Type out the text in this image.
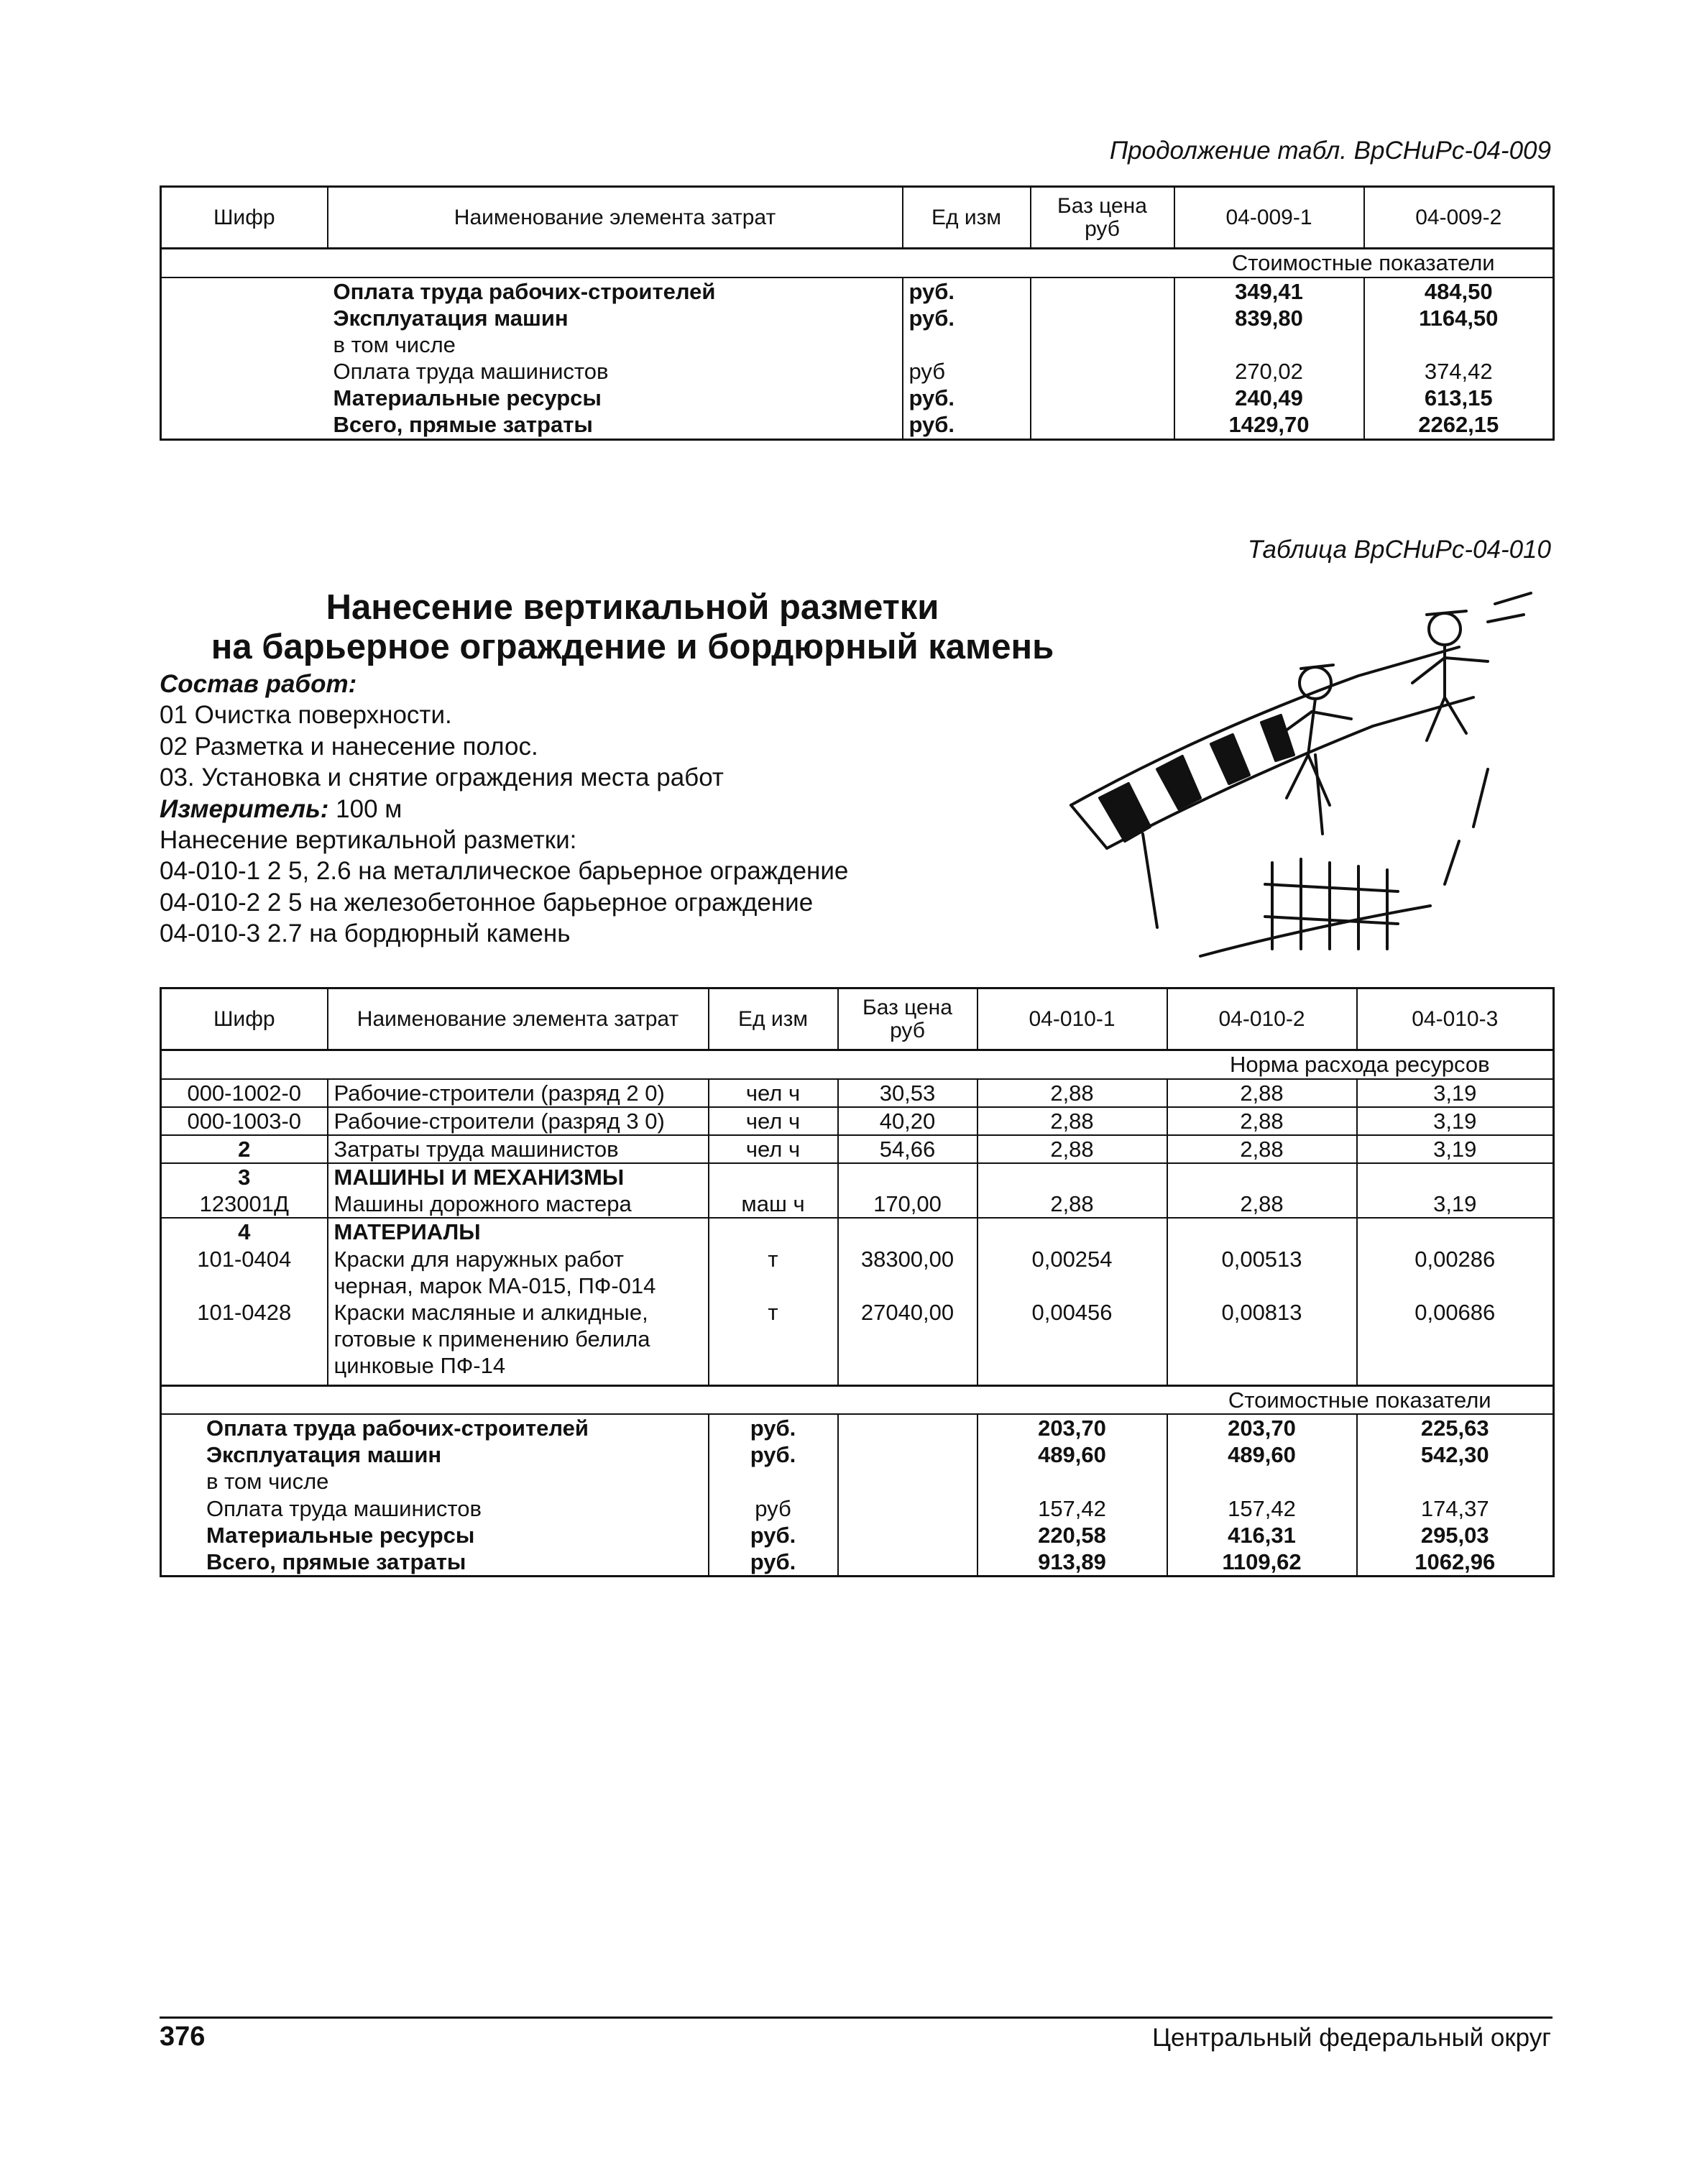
Продолжение табл. ВрСНиРс-04-009
Шифр	Наименование элемента затрат	Ед изм	Баз цена руб	04-009-1	04-009-2
				Стоимостные показатели	
	Оплата труда рабочих-строителей	руб.		349,41	484,50
	Эксплуатация машин	руб.		839,80	1164,50
	в том числе				
	Оплата труда машинистов	руб		270,02	374,42
	Материальные ресурсы	руб.		240,49	613,15
	Всего, прямые затраты	руб.		1429,70	2262,15
Таблица ВрСНиРс-04-010
Нанесение вертикальной разметки
на барьерное ограждение и бордюрный камень
Состав работ:
01 Очистка поверхности.
02 Разметка и нанесение полос.
03. Установка и снятие ограждения места работ
Измеритель: 100 м
Нанесение вертикальной разметки:
04-010-1 2 5, 2.6 на металлическое барьерное ограждение
04-010-2 2 5 на железобетонное барьерное ограждение
04-010-3 2.7 на бордюрный камень
Шифр	Наименование элемента затрат	Ед изм	Баз цена руб	04-010-1	04-010-2	04-010-3
					Норма расхода ресурсов	
000-1002-0	Рабочие-строители (разряд 2 0)	чел ч	30,53	2,88	2,88	3,19
000-1003-0	Рабочие-строители (разряд 3 0)	чел ч	40,20	2,88	2,88	3,19
2	Затраты труда машинистов	чел ч	54,66	2,88	2,88	3,19
3	МАШИНЫ И МЕХАНИЗМЫ					
123001Д	Машины дорожного мастера	маш ч	170,00	2,88	2,88	3,19
4	МАТЕРИАЛЫ					
101-0404	Краски для наружных работ черная, марок МА-015, ПФ-014	т	38300,00	0,00254	0,00513	0,00286
101-0428	Краски масляные и алкидные, готовые к применению белила цинковые ПФ-14	т	27040,00	0,00456	0,00813	0,00686
					Стоимостные показатели	
Оплата труда рабочих-строителей		руб.		203,70	203,70	225,63
Эксплуатация машин		руб.		489,60	489,60	542,30
в том числе						
Оплата труда машинистов		руб		157,42	157,42	174,37
Материальные ресурсы		руб.		220,58	416,31	295,03
Всего, прямые затраты		руб.		913,89	1109,62	1062,96
376	Центральный федеральный округ
